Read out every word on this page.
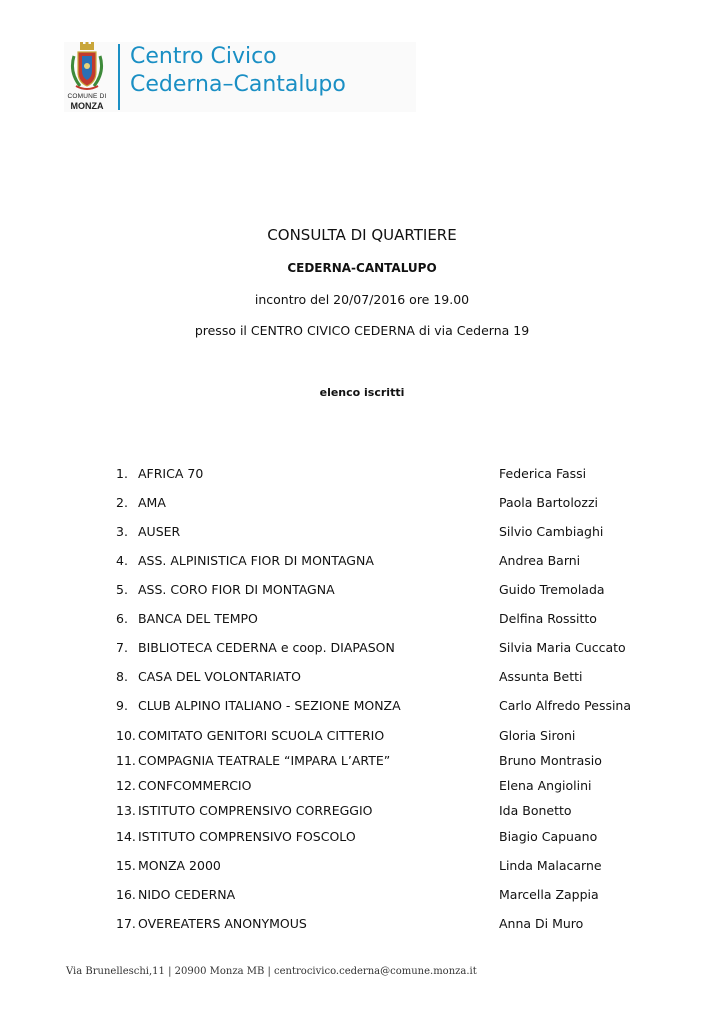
COMUNE DI
MONZA
Centro Civico
Cederna–Cantalupo
CONSULTA DI QUARTIERE
CEDERNA-CANTALUPO
incontro del 20/07/2016 ore 19.00
presso il CENTRO CIVICO CEDERNA di via Cederna 19
elenco iscritti
1. AFRICA 70	Federica Fassi
2. AMA	Paola Bartolozzi
3. AUSER	Silvio Cambiaghi
4. ASS. ALPINISTICA FIOR DI MONTAGNA	Andrea Barni
5. ASS. CORO FIOR DI MONTAGNA	Guido Tremolada
6. BANCA DEL TEMPO	Delfina Rossitto
7. BIBLIOTECA CEDERNA e coop. DIAPASON	Silvia Maria Cuccato
8. CASA DEL VOLONTARIATO	Assunta Betti
9. CLUB ALPINO ITALIANO - SEZIONE MONZA	Carlo Alfredo Pessina
10. COMITATO GENITORI SCUOLA CITTERIO	Gloria Sironi
11. COMPAGNIA TEATRALE “IMPARA L’ARTE”	Bruno Montrasio
12. CONFCOMMERCIO	Elena Angiolini
13. ISTITUTO COMPRENSIVO CORREGGIO	Ida Bonetto
14. ISTITUTO COMPRENSIVO FOSCOLO	Biagio Capuano
15. MONZA 2000	Linda Malacarne
16. NIDO CEDERNA	Marcella Zappia
17. OVEREATERS ANONYMOUS	Anna Di Muro
Via Brunelleschi,11 | 20900 Monza MB | centrocivico.cederna@comune.monza.it
